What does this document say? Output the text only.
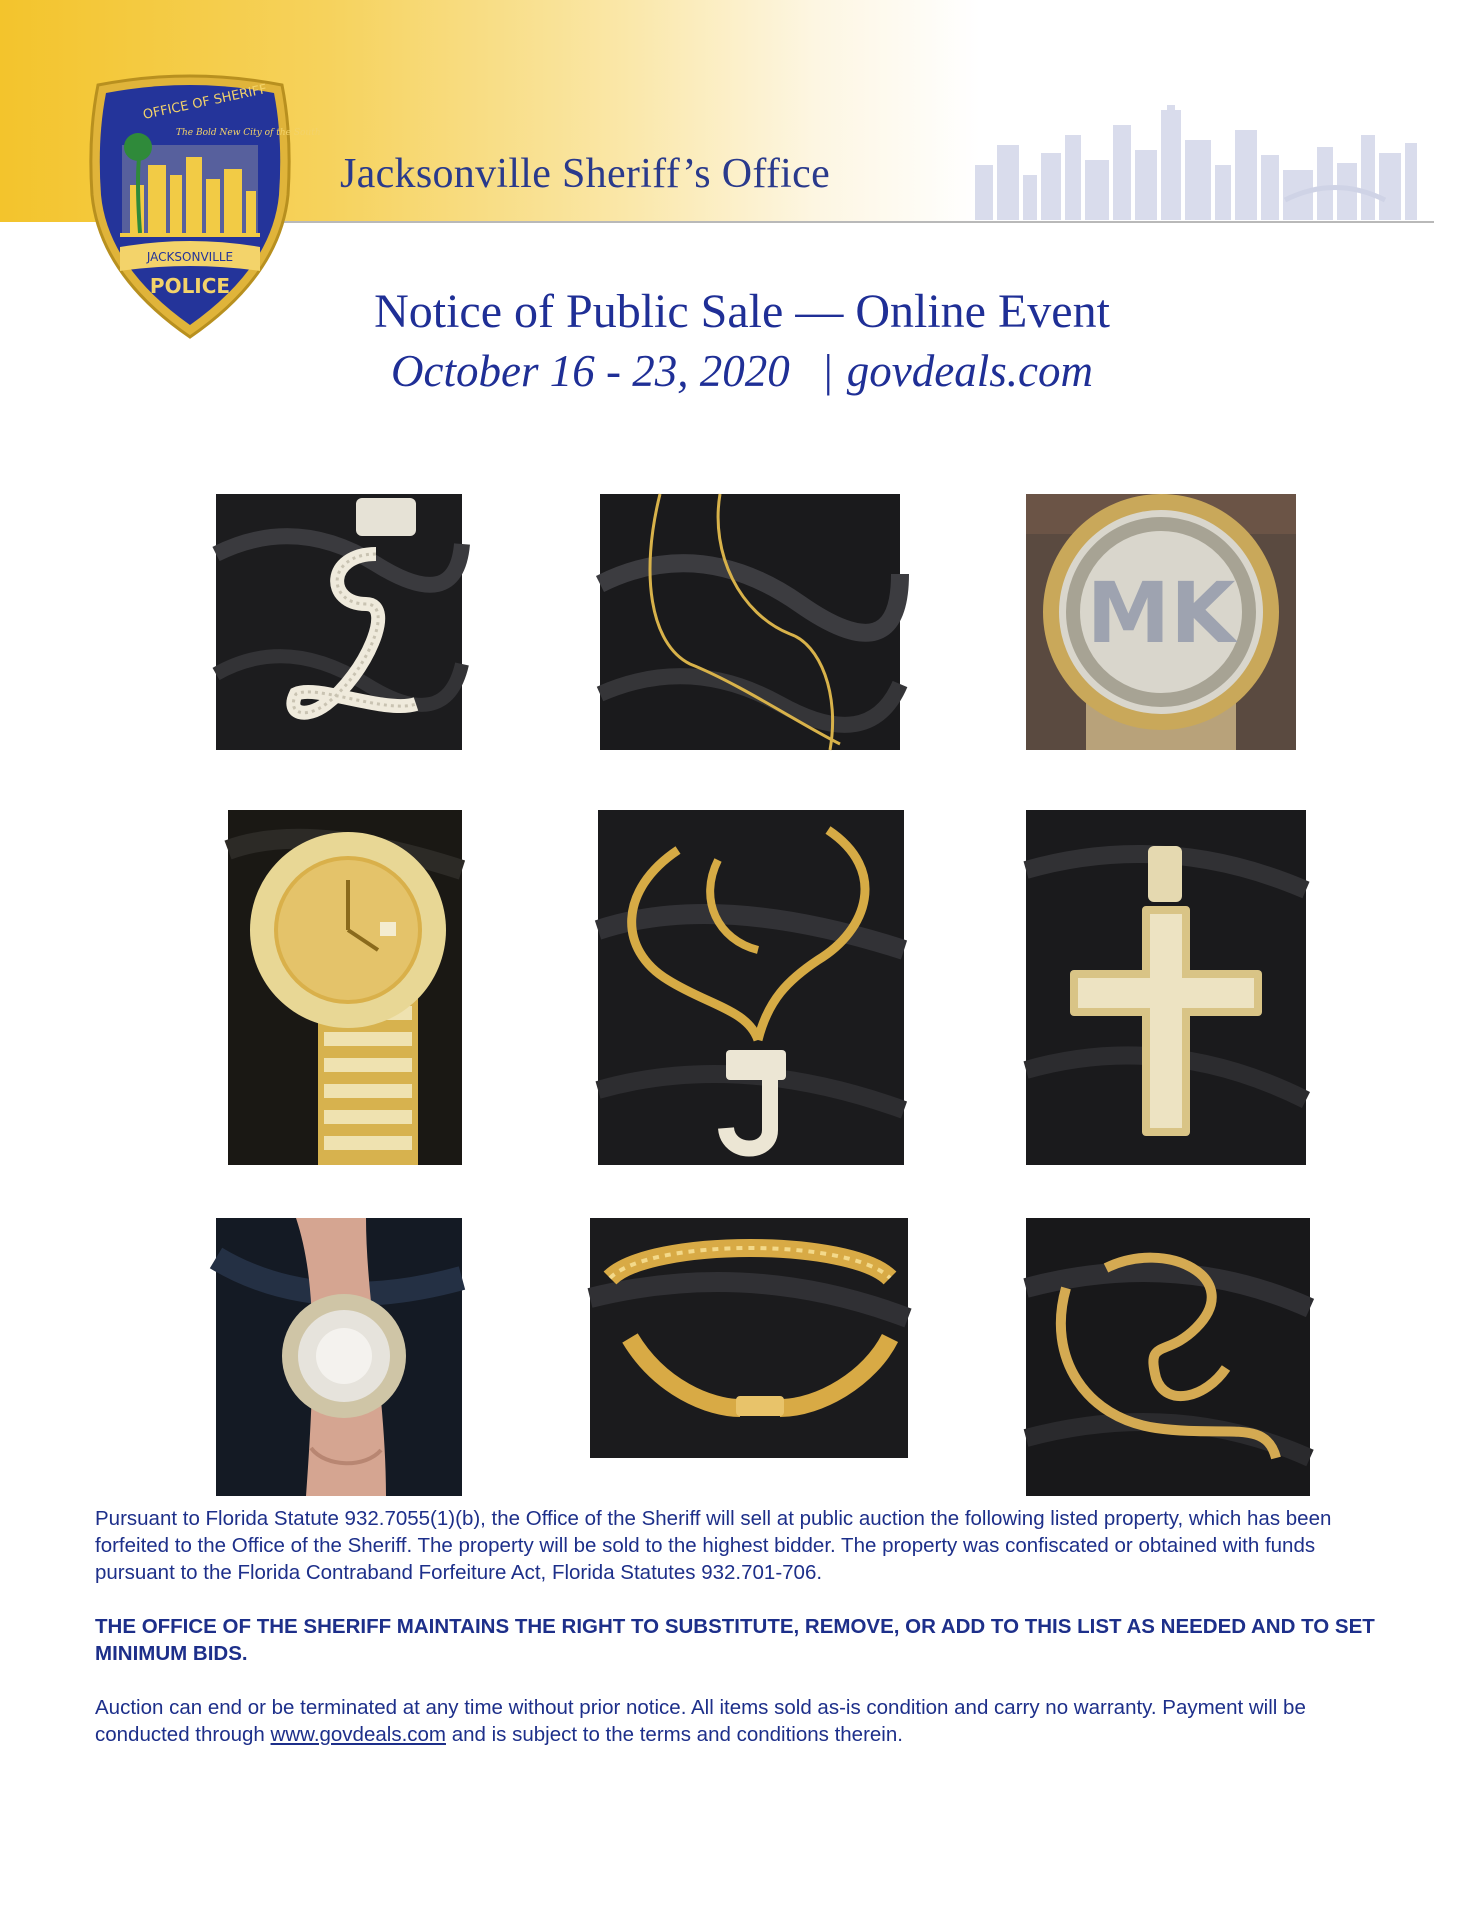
OFFICE OF SHERIFF
The Bold New City of the South
JACKSONVILLE
POLICE
Jacksonville Sheriff’s Office
Notice of Public Sale — Online Event
October 16 - 23, 2020 | govdeals.com
MK

Pursuant to Florida Statute 932.7055(1)(b), the Office of the Sheriff will sell at public auction the following listed property, which has been forfeited to the Office of the Sheriff. The property will be sold to the highest bidder. The property was confiscated or obtained with funds pursuant to the Florida Contraband Forfeiture Act, Florida Statutes 932.701-706.

THE OFFICE OF THE SHERIFF MAINTAINS THE RIGHT TO SUBSTITUTE, REMOVE, OR ADD TO THIS LIST AS NEEDED AND TO SET MINIMUM BIDS.

Auction can end or be terminated at any time without prior notice. All items sold as-is condition and carry no warranty. Payment will be conducted through www.govdeals.com and is subject to the terms and conditions therein.
